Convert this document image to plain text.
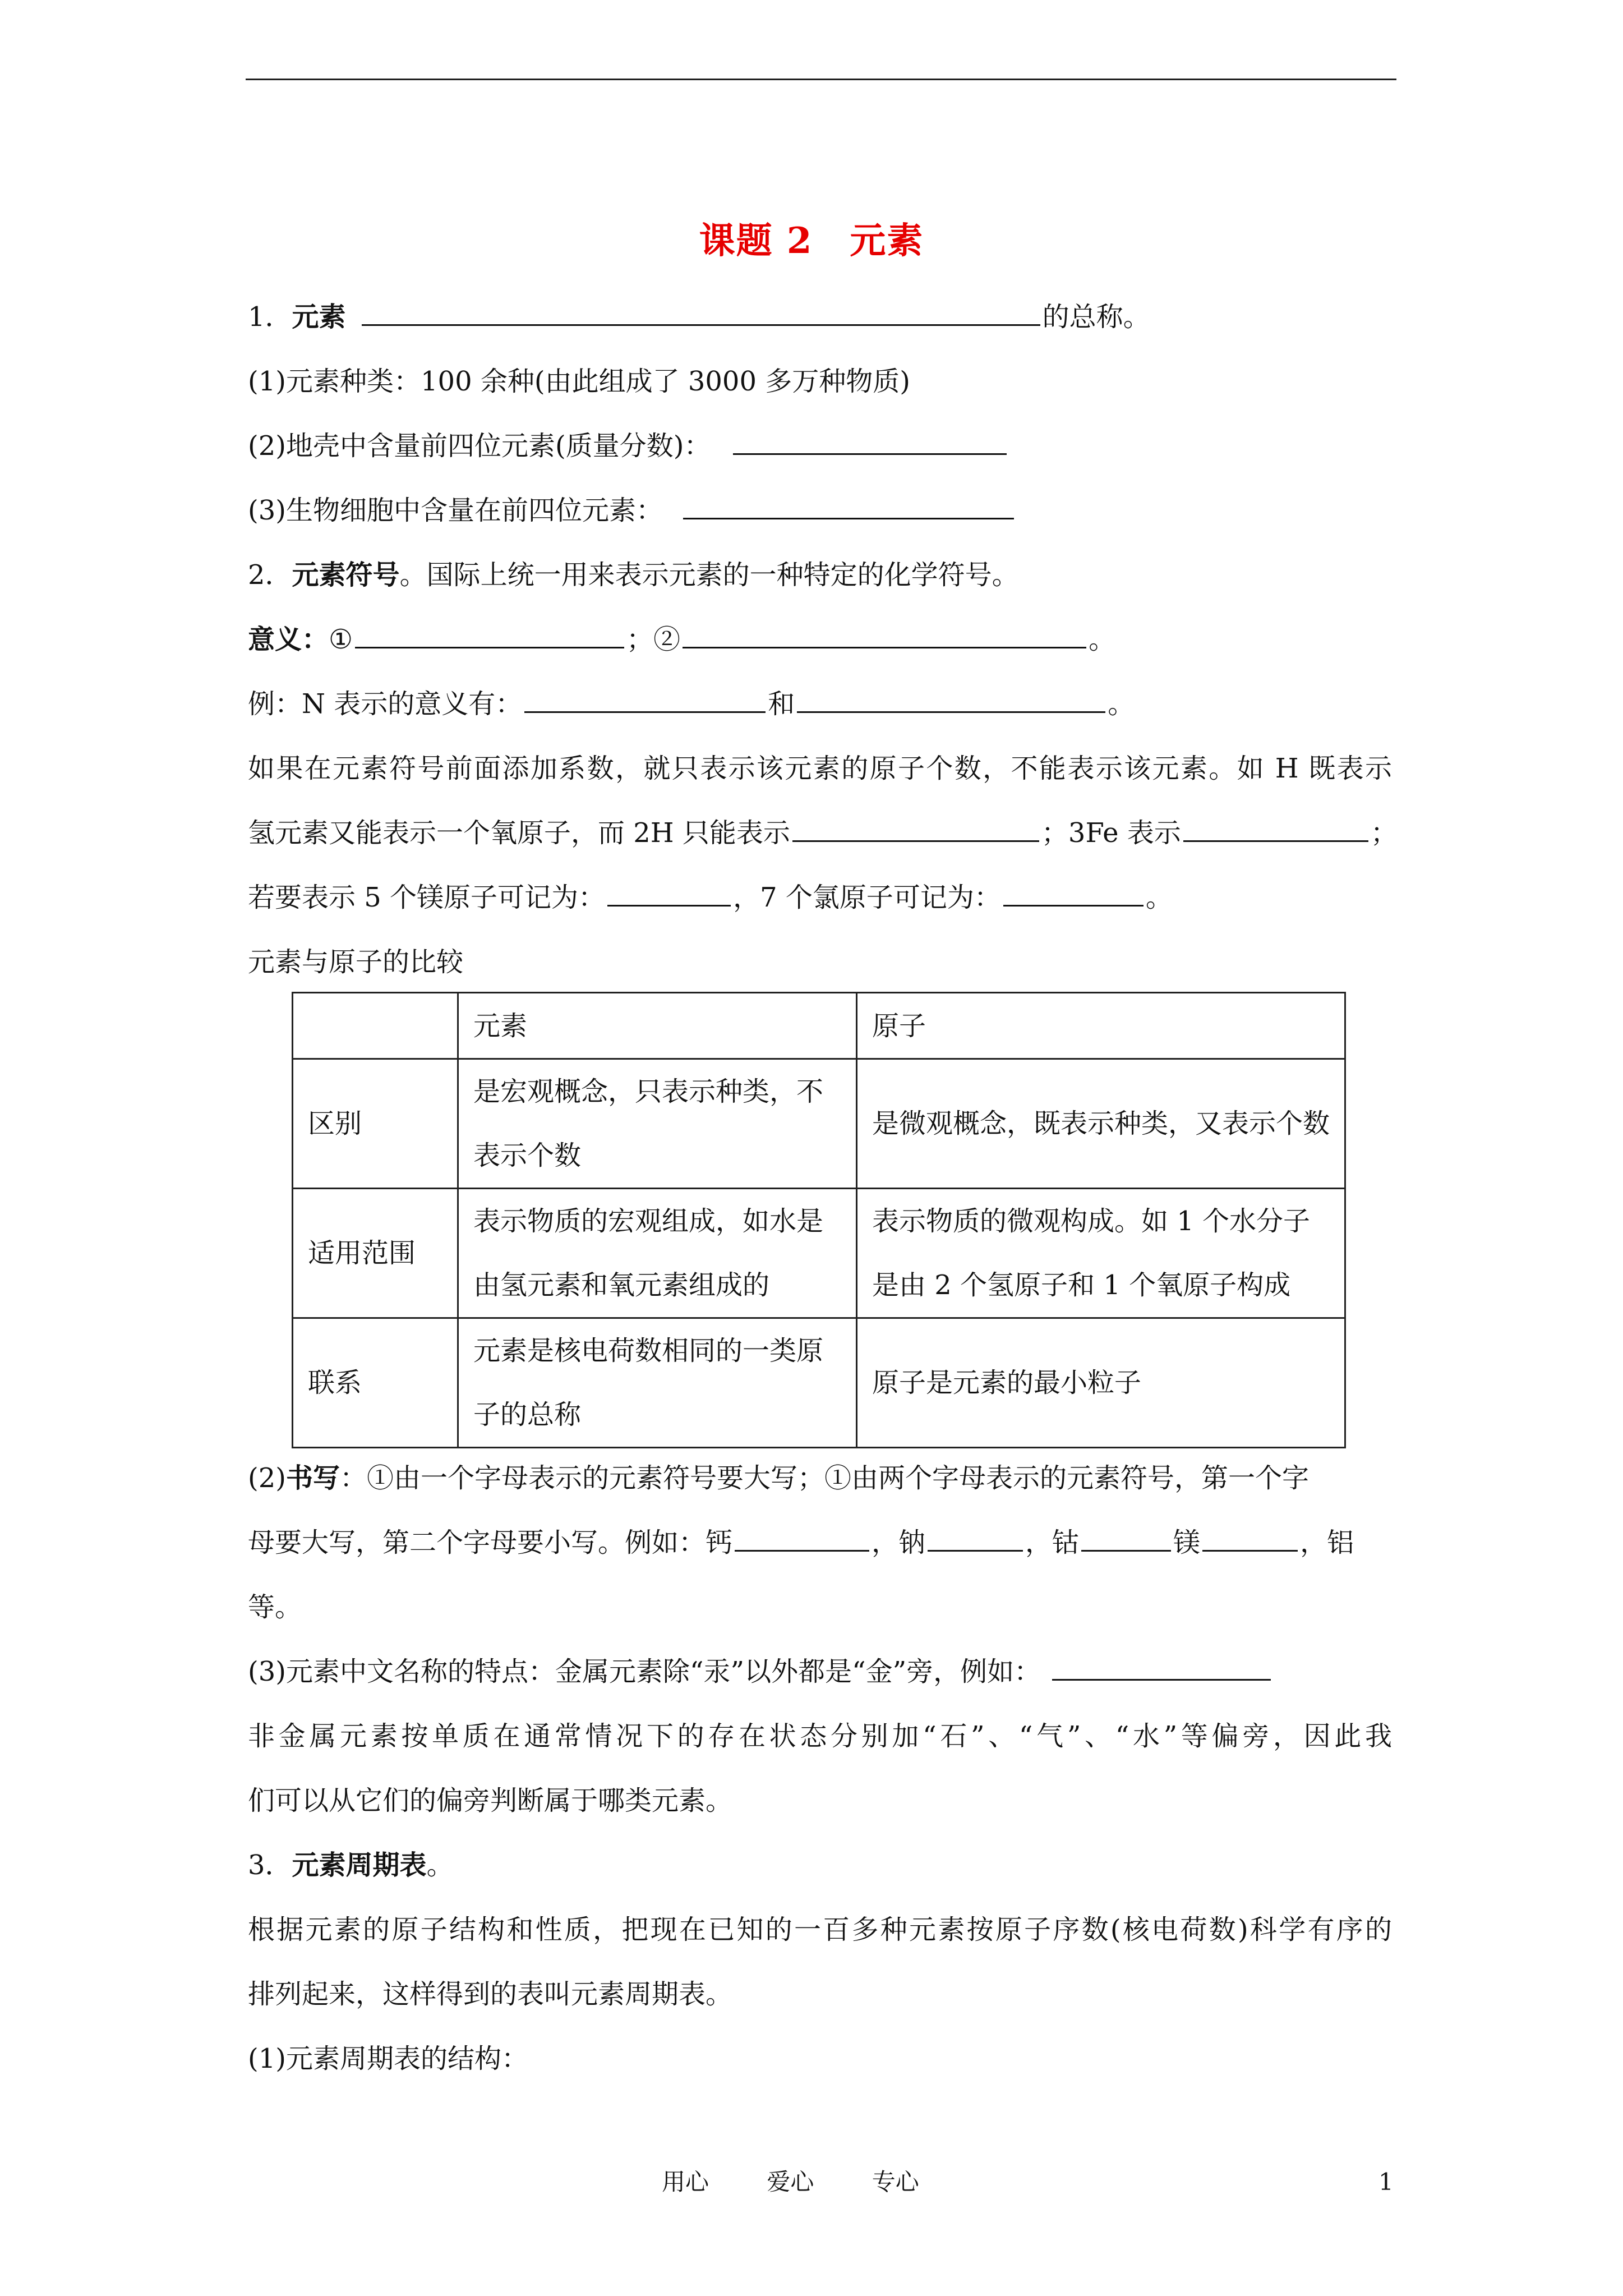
课题 2　元素
1．元素	的总称。
(1)元素种类：100 余种(由此组成了 3000 多万种物质)
(2)地壳中含量前四位元素(质量分数)：
(3)生物细胞中含量在前四位元素：
2．元素符号。国际上统一用来表示元素的一种特定的化学符号。
意义：①	；②	。
例：N 表示的意义有：	和	。
如果在元素符号前面添加系数，就只表示该元素的原子个数，不能表示该元素。如 H 既表示
氢元素又能表示一个氧原子，而 2H 只能表示	；3Fe 表示	；
若要表示 5 个镁原子可记为：	，7 个氯原子可记为：	。
元素与原子的比较
	元素	原子
区别	是宏观概念，只表示种类，不表示个数	是微观概念，既表示种类，又表示个数
适用范围	表示物质的宏观组成，如水是由氢元素和氧元素组成的	表示物质的微观构成。如 1 个水分子是由 2 个氢原子和 1 个氧原子构成
联系	元素是核电荷数相同的一类原子的总称	原子是元素的最小粒子
(2)书写：①由一个字母表示的元素符号要大写；①由两个字母表示的元素符号，第一个字
母要大写，第二个字母要小写。例如：钙	，钠	，钴	镁	，铝
等。
(3)元素中文名称的特点：金属元素除“汞”以外都是“金”旁，例如：
非金属元素按单质在通常情况下的存在状态分别加“石”、“气”、“水”等偏旁，因此我
们可以从它们的偏旁判断属于哪类元素。
3．元素周期表。
根据元素的原子结构和性质，把现在已知的一百多种元素按原子序数(核电荷数)科学有序的
排列起来，这样得到的表叫元素周期表。
(1)元素周期表的结构：
用心 爱心 专心	1
